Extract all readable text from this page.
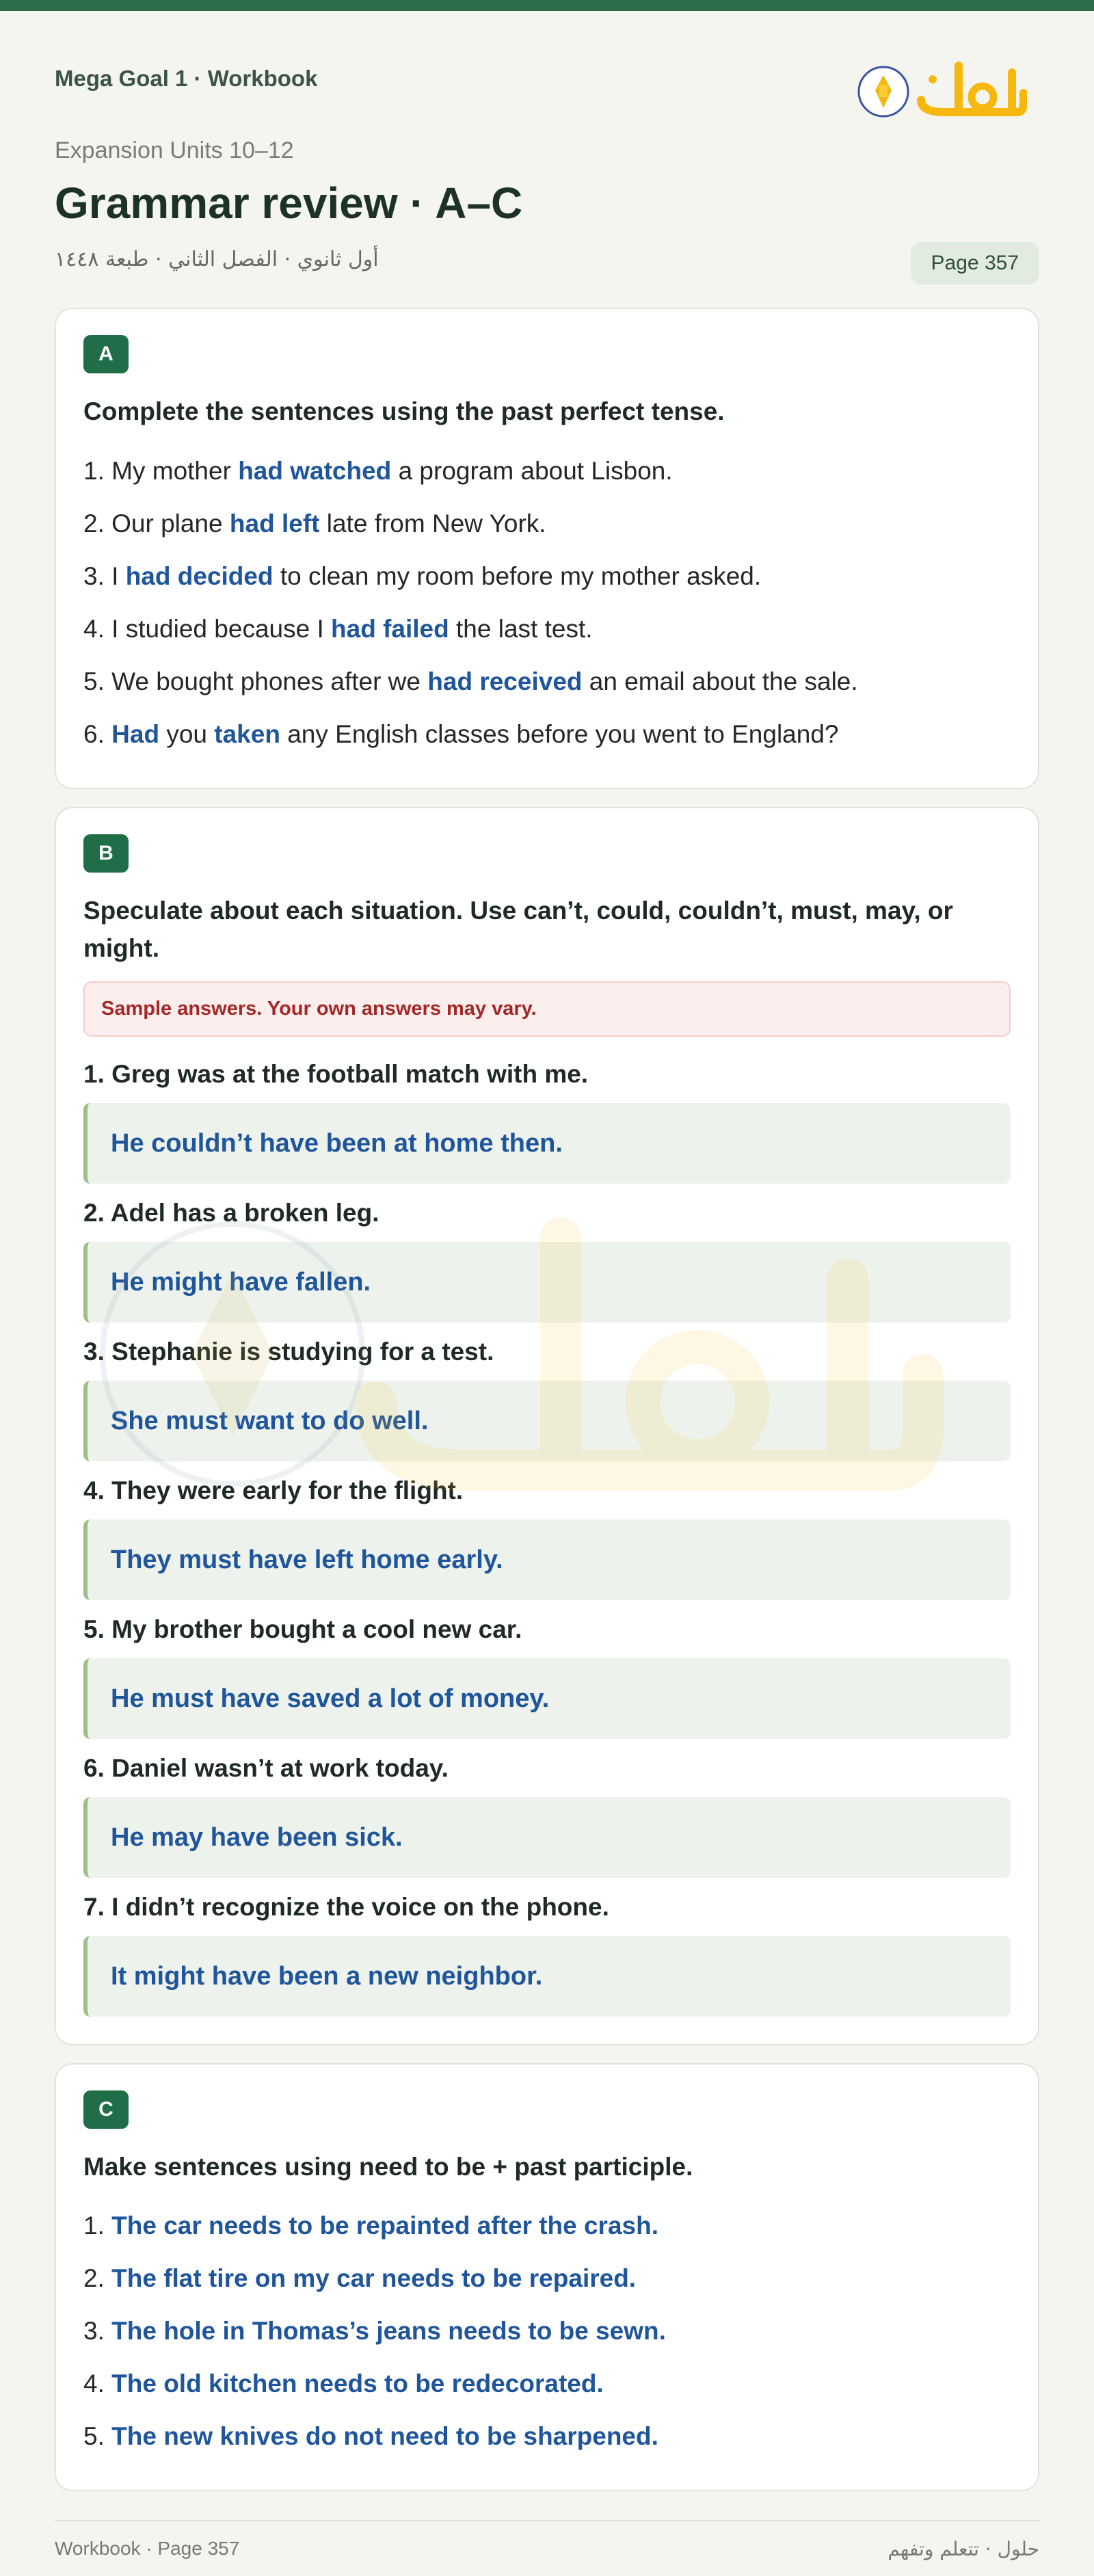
Mega Goal 1 · Workbook
Expansion Units 10–12
Grammar review · A–C
أول ثانوي · الفصل الثاني · طبعة ١٤٤٨	Page 357
A
Complete the sentences using the past perfect tense.
1. My mother had watched a program about Lisbon.
2. Our plane had left late from New York.
3. I had decided to clean my room before my mother asked.
4. I studied because I had failed the last test.
5. We bought phones after we had received an email about the sale.
6. Had you taken any English classes before you went to England?
B
Speculate about each situation. Use can’t, could, couldn’t, must, may, or might.
Sample answers. Your own answers may vary.
1. Greg was at the football match with me.
He couldn’t have been at home then.
2. Adel has a broken leg.
He might have fallen.
3. Stephanie is studying for a test.
She must want to do well.
4. They were early for the flight.
They must have left home early.
5. My brother bought a cool new car.
He must have saved a lot of money.
6. Daniel wasn’t at work today.
He may have been sick.
7. I didn’t recognize the voice on the phone.
It might have been a new neighbor.
C
Make sentences using need to be + past participle.
1. The car needs to be repainted after the crash.
2. The flat tire on my car needs to be repaired.
3. The hole in Thomas’s jeans needs to be sewn.
4. The old kitchen needs to be redecorated.
5. The new knives do not need to be sharpened.
Workbook · Page 357	حلول · تتعلم وتفهم
